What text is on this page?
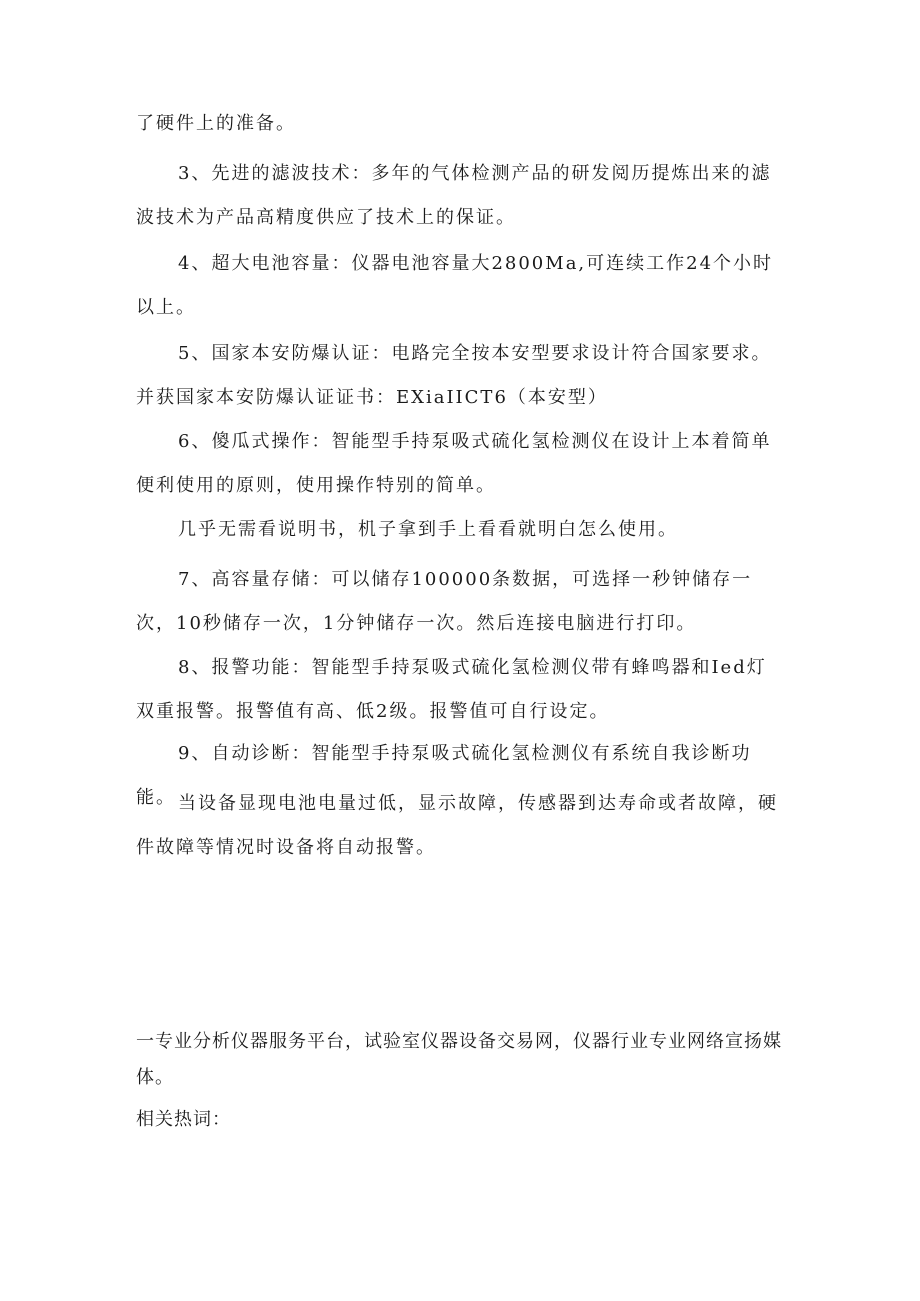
了硬件上的准备。

3、先进的滤波技术：多年的气体检测产品的研发阅历提炼出来的滤波技术为产品高精度供应了技术上的保证。

4、超大电池容量：仪器电池容量大2800Ma,可连续工作24个小时以上。

5、国家本安防爆认证：电路完全按本安型要求设计符合国家要求。并获国家本安防爆认证证书：EXiaIICT6（本安型）

6、傻瓜式操作：智能型手持泵吸式硫化氢检测仪在设计上本着简单便利使用的原则，使用操作特别的简单。

几乎无需看说明书，机子拿到手上看看就明白怎么使用。

7、高容量存储：可以储存100000条数据，可选择一秒钟储存一次，10秒储存一次，1分钟储存一次。然后连接电脑进行打印。

8、报警功能：智能型手持泵吸式硫化氢检测仪带有蜂鸣器和Ied灯双重报警。报警值有高、低2级。报警值可自行设定。

9、自动诊断：智能型手持泵吸式硫化氢检测仪有系统自我诊断功能。 当设备显现电池电量过低，显示故障，传感器到达寿命或者故障，硬件故障等情况时设备将自动报警。

一专业分析仪器服务平台，试验室仪器设备交易网，仪器行业专业网络宣扬媒体。

相关热词：
